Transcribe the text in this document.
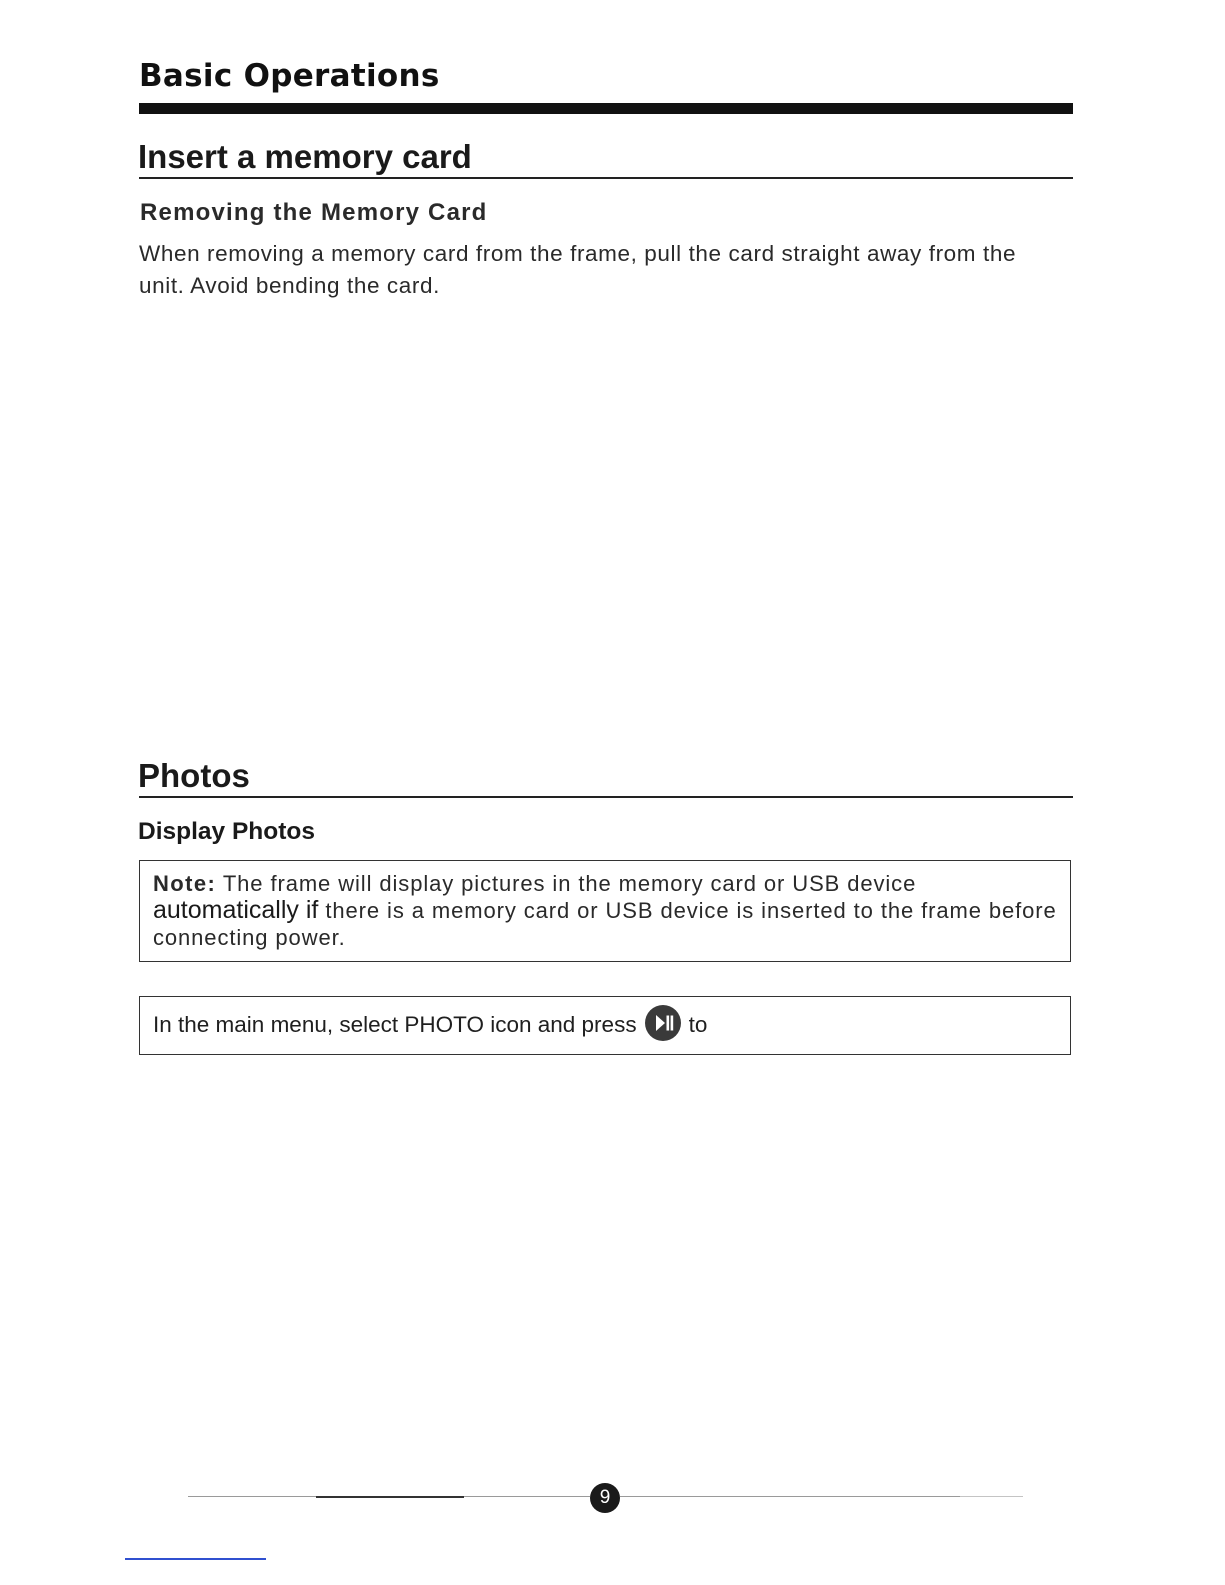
Basic Operations
Insert a memory card
Removing the Memory Card
When removing a memory card from the frame, pull the card straight away from the unit. Avoid bending the card.
Photos
Display Photos
Note: The frame will display pictures in the memory card or USB device automatically if there is a memory card or USB device is inserted to the frame before connecting power.
In the main menu, select PHOTO icon and press to
9
